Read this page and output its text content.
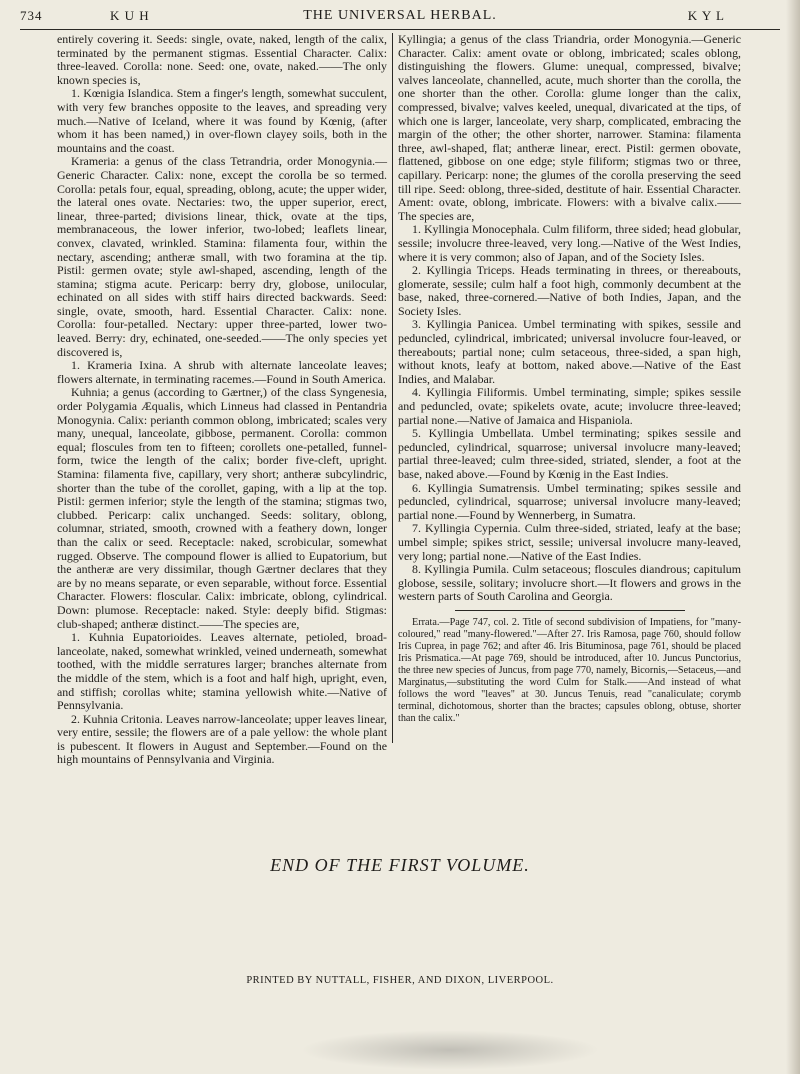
734	K U H	THE UNIVERSAL HERBAL.	K Y L

entirely covering it. Seeds: single, ovate, naked, length of the calix, terminated by the permanent stigmas. Essential Character. Calix: three-leaved. Corolla: none. Seed: one, ovate, naked.——The only known species is,

1. Kœnigia Islandica. Stem a finger's length, somewhat succulent, with very few branches opposite to the leaves, and spreading very much.—Native of Iceland, where it was found by Kœnig, (after whom it has been named,) in over-flown clayey soils, both in the mountains and the coast.

Krameria: a genus of the class Tetrandria, order Monogynia.—Generic Character. Calix: none, except the corolla be so termed. Corolla: petals four, equal, spreading, oblong, acute; the upper wider, the lateral ones ovate. Nectaries: two, the upper superior, erect, linear, three-parted; divisions linear, thick, ovate at the tips, membranaceous, the lower inferior, two-lobed; leaflets linear, convex, clavated, wrinkled. Stamina: filamenta four, within the nectary, ascending; antheræ small, with two foramina at the tip. Pistil: germen ovate; style awl-shaped, ascending, length of the stamina; stigma acute. Pericarp: berry dry, globose, unilocular, echinated on all sides with stiff hairs directed backwards. Seed: single, ovate, smooth, hard. Essential Character. Calix: none. Corolla: four-petalled. Nectary: upper three-parted, lower two-leaved. Berry: dry, echinated, one-seeded.——The only species yet discovered is,

1. Krameria Ixina. A shrub with alternate lanceolate leaves; flowers alternate, in terminating racemes.—Found in South America.

Kuhnia; a genus (according to Gærtner,) of the class Syngenesia, order Polygamia Æqualis, which Linneus had classed in Pentandria Monogynia. Calix: perianth common oblong, imbricated; scales very many, unequal, lanceolate, gibbose, permanent. Corolla: common equal; floscules from ten to fifteen; corollets one-petalled, funnel-form, twice the length of the calix; border five-cleft, upright. Stamina: filamenta five, capillary, very short; antheræ subcylindric, shorter than the tube of the corollet, gaping, with a lip at the top. Pistil: germen inferior; style the length of the stamina; stigmas two, clubbed. Pericarp: calix unchanged. Seeds: solitary, oblong, columnar, striated, smooth, crowned with a feathery down, longer than the calix or seed. Receptacle: naked, scrobicular, somewhat rugged. Observe. The compound flower is allied to Eupatorium, but the antheræ are very dissimilar, though Gærtner declares that they are by no means separate, or even separable, without force. Essential Character. Flowers: floscular. Calix: imbricate, oblong, cylindrical. Down: plumose. Receptacle: naked. Style: deeply bifid. Stigmas: club-shaped; antheræ distinct.——The species are,

1. Kuhnia Eupatorioides. Leaves alternate, petioled, broad-lanceolate, naked, somewhat wrinkled, veined underneath, somewhat toothed, with the middle serratures larger; branches alternate from the middle of the stem, which is a foot and half high, upright, even, and stiffish; corollas white; stamina yellowish white.—Native of Pennsylvania.

2. Kuhnia Critonia. Leaves narrow-lanceolate; upper leaves linear, very entire, sessile; the flowers are of a pale yellow: the whole plant is pubescent. It flowers in August and September.—Found on the high mountains of Pennsylvania and Virginia.

Kyllingia; a genus of the class Triandria, order Monogynia.—Generic Character. Calix: ament ovate or oblong, imbricated; scales oblong, distinguishing the flowers. Glume: unequal, compressed, bivalve; valves lanceolate, channelled, acute, much shorter than the corolla, the one shorter than the other. Corolla: glume longer than the calix, compressed, bivalve; valves keeled, unequal, divaricated at the tips, of which one is larger, lanceolate, very sharp, complicated, embracing the margin of the other; the other shorter, narrower. Stamina: filamenta three, awl-shaped, flat; antheræ linear, erect. Pistil: germen obovate, flattened, gibbose on one edge; style filiform; stigmas two or three, capillary. Pericarp: none; the glumes of the corolla preserving the seed till ripe. Seed: oblong, three-sided, destitute of hair. Essential Character. Ament: ovate, oblong, imbricate. Flowers: with a bivalve calix.—— The species are,

1. Kyllingia Monocephala. Culm filiform, three sided; head globular, sessile; involucre three-leaved, very long.—Native of the West Indies, where it is very common; also of Japan, and of the Society Isles.

2. Kyllingia Triceps. Heads terminating in threes, or thereabouts, glomerate, sessile; culm half a foot high, commonly decumbent at the base, naked, three-cornered.—Native of both Indies, Japan, and the Society Isles.

3. Kyllingia Panicea. Umbel terminating with spikes, sessile and peduncled, cylindrical, imbricated; universal involucre four-leaved, or thereabouts; partial none; culm setaceous, three-sided, a span high, without knots, leafy at bottom, naked above.—Native of the East Indies, and Malabar.

4. Kyllingia Filiformis. Umbel terminating, simple; spikes sessile and peduncled, ovate; spikelets ovate, acute; involucre three-leaved; partial none.—Native of Jamaica and Hispaniola.

5. Kyllingia Umbellata. Umbel terminating; spikes sessile and peduncled, cylindrical, squarrose; universal involucre many-leaved; partial three-leaved; culm three-sided, striated, slender, a foot at the base, naked above.—Found by Kœnig in the East Indies.

6. Kyllingia Sumatrensis. Umbel terminating; spikes sessile and peduncled, cylindrical, squarrose; universal involucre many-leaved; partial none.—Found by Wennerberg, in Sumatra.

7. Kyllingia Cypernia. Culm three-sided, striated, leafy at the base; umbel simple; spikes strict, sessile; universal involucre many-leaved, very long; partial none.—Native of the East Indies.

8. Kyllingia Pumila. Culm setaceous; floscules diandrous; capitulum globose, sessile, solitary; involucre short.—It flowers and grows in the western parts of South Carolina and Georgia.

Errata.—Page 747, col. 2. Title of second subdivision of Impatiens, for "many-coloured," read "many-flowered."—After 27. Iris Ramosa, page 760, should follow Iris Cuprea, in page 762; and after 46. Iris Bituminosa, page 761, should be placed Iris Prismatica.—At page 769, should be introduced, after 10. Juncus Punctorius, the three new species of Juncus, from page 770, namely, Bicornis,—Setaceus,—and Marginatus,—substituting the word Culm for Stalk.——And instead of what follows the word "leaves" at 30. Juncus Tenuis, read "canaliculate; corymb terminal, dichotomous, shorter than the bractes; capsules oblong, obtuse, shorter than the calix."

END OF THE FIRST VOLUME.
PRINTED BY NUTTALL, FISHER, AND DIXON, LIVERPOOL.
